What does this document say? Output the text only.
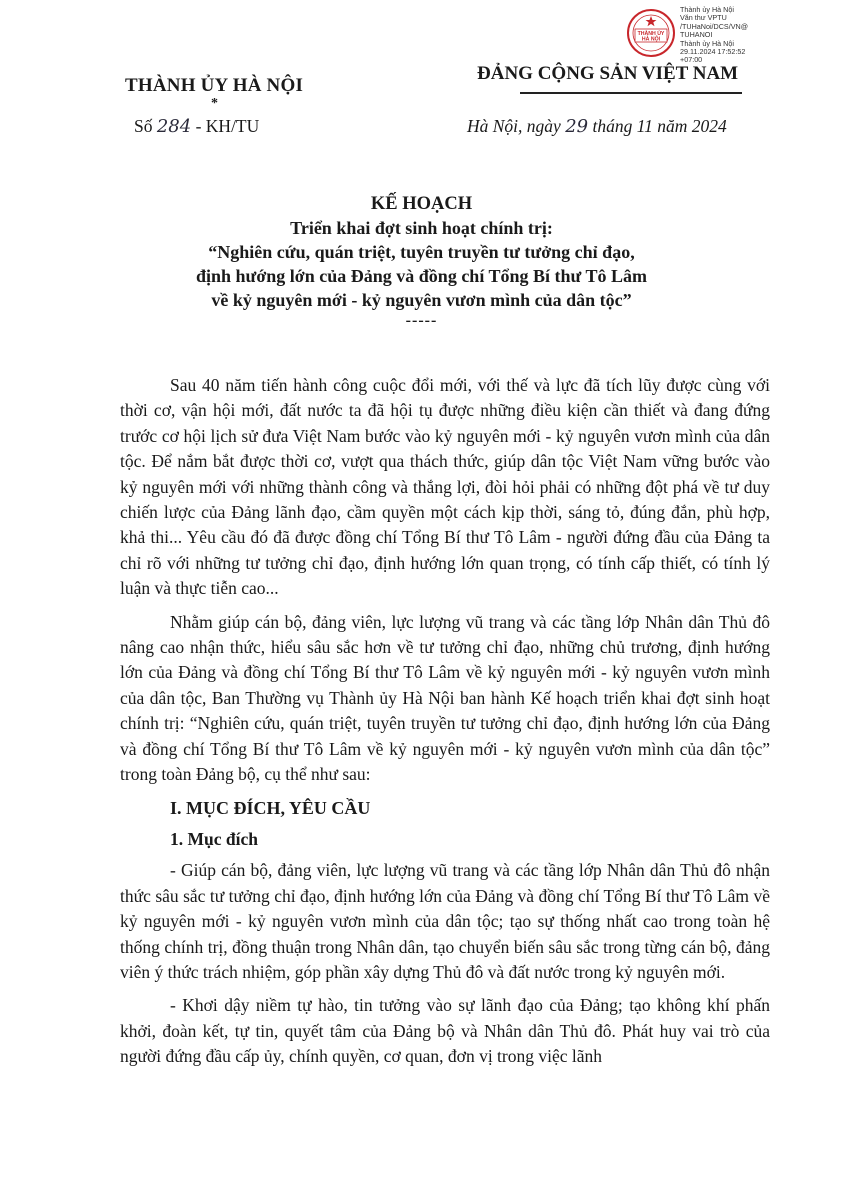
THÀNH ỦY
HÀ NỘI
Thành ủy Hà Nội
Văn thư VPTU
/TUHaNoi/DCS/VN@
TUHANOI
Thành ủy Hà Nội
29.11.2024 17:52:52
+07:00
THÀNH ỦY HÀ NỘI
*
ĐẢNG CỘNG SẢN VIỆT NAM
Số 284 - KH/TU	Hà Nội, ngày 29 tháng 11 năm 2024
KẾ HOẠCH
Triển khai đợt sinh hoạt chính trị:
“Nghiên cứu, quán triệt, tuyên truyền tư tưởng chỉ đạo,
định hướng lớn của Đảng và đồng chí Tổng Bí thư Tô Lâm
về kỷ nguyên mới - kỷ nguyên vươn mình của dân tộc”
-----

Sau 40 năm tiến hành công cuộc đổi mới, với thế và lực đã tích lũy được cùng với thời cơ, vận hội mới, đất nước ta đã hội tụ được những điều kiện cần thiết và đang đứng trước cơ hội lịch sử đưa Việt Nam bước vào kỷ nguyên mới - kỷ nguyên vươn mình của dân tộc. Để nắm bắt được thời cơ, vượt qua thách thức, giúp dân tộc Việt Nam vững bước vào kỷ nguyên mới với những thành công và thắng lợi, đòi hỏi phải có những đột phá về tư duy chiến lược của Đảng lãnh đạo, cầm quyền một cách kịp thời, sáng tỏ, đúng đắn, phù hợp, khả thi... Yêu cầu đó đã được đồng chí Tổng Bí thư Tô Lâm - người đứng đầu của Đảng ta chỉ rõ với những tư tưởng chỉ đạo, định hướng lớn quan trọng, có tính cấp thiết, có tính lý luận và thực tiễn cao...

Nhằm giúp cán bộ, đảng viên, lực lượng vũ trang và các tầng lớp Nhân dân Thủ đô nâng cao nhận thức, hiểu sâu sắc hơn về tư tưởng chỉ đạo, những chủ trương, định hướng lớn của Đảng và đồng chí Tổng Bí thư Tô Lâm về kỷ nguyên mới - kỷ nguyên vươn mình của dân tộc, Ban Thường vụ Thành ủy Hà Nội ban hành Kế hoạch triển khai đợt sinh hoạt chính trị: “Nghiên cứu, quán triệt, tuyên truyền tư tưởng chỉ đạo, định hướng lớn của Đảng và đồng chí Tổng Bí thư Tô Lâm về kỷ nguyên mới - kỷ nguyên vươn mình của dân tộc” trong toàn Đảng bộ, cụ thể như sau:

I. MỤC ĐÍCH, YÊU CẦU
1. Mục đích

- Giúp cán bộ, đảng viên, lực lượng vũ trang và các tầng lớp Nhân dân Thủ đô nhận thức sâu sắc tư tưởng chỉ đạo, định hướng lớn của Đảng và đồng chí Tổng Bí thư Tô Lâm về kỷ nguyên mới - kỷ nguyên vươn mình của dân tộc; tạo sự thống nhất cao trong toàn hệ thống chính trị, đồng thuận trong Nhân dân, tạo chuyển biến sâu sắc trong từng cán bộ, đảng viên ý thức trách nhiệm, góp phần xây dựng Thủ đô và đất nước trong kỷ nguyên mới.

- Khơi dậy niềm tự hào, tin tưởng vào sự lãnh đạo của Đảng; tạo không khí phấn khởi, đoàn kết, tự tin, quyết tâm của Đảng bộ và Nhân dân Thủ đô. Phát huy vai trò của người đứng đầu cấp ủy, chính quyền, cơ quan, đơn vị trong việc lãnh
